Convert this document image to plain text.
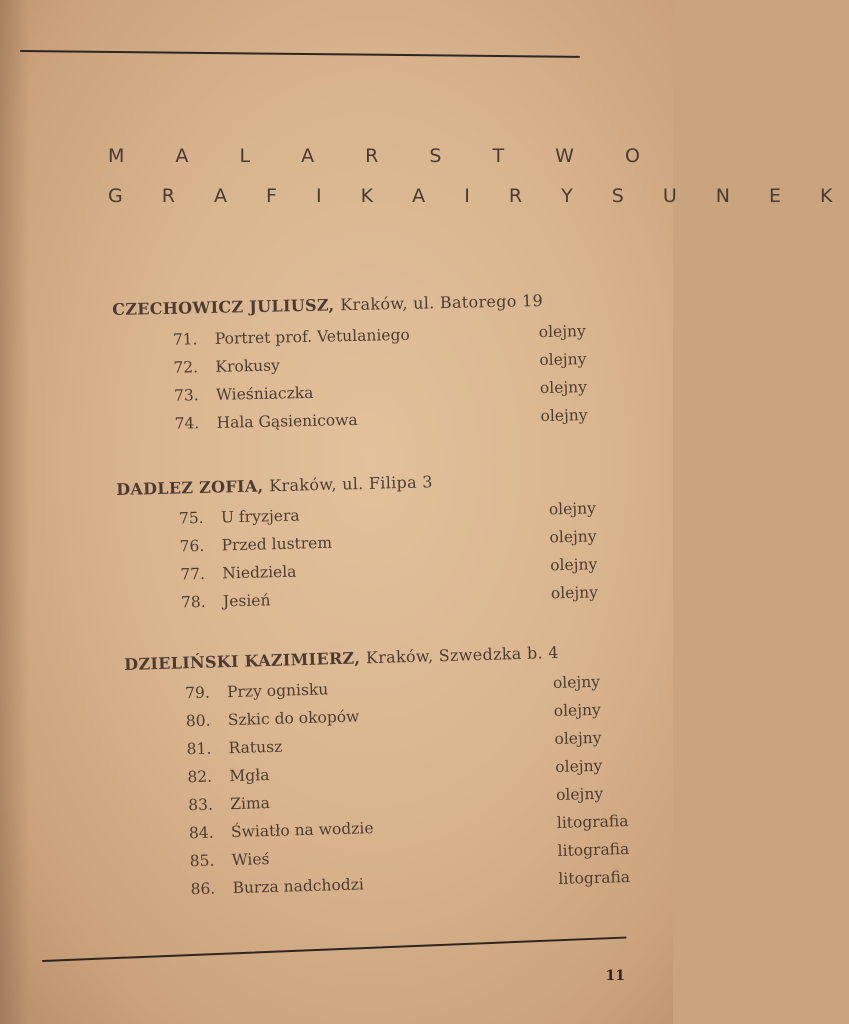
M A L A R S T W O
G R A F I K A I R Y S U N E K
CZECHOWICZ JULIUSZ, Kraków, ul. Batorego 19
71.	Portret prof. Vetulaniego	olejny
72.	Krokusy	olejny
73.	Wieśniaczka	olejny
74.	Hala Gąsienicowa	olejny
DADLEZ ZOFIA, Kraków, ul. Filipa 3
75.	U fryzjera	olejny
76.	Przed lustrem	olejny
77.	Niedziela	olejny
78.	Jesień	olejny
DZIELIŃSKI KAZIMIERZ, Kraków, Szwedzka b. 4
79.	Przy ognisku	olejny
80.	Szkic do okopów	olejny
81.	Ratusz	olejny
82.	Mgła	olejny
83.	Zima	olejny
84.	Światło na wodzie	litografia
85.	Wieś	litografia
86.	Burza nadchodzi	litografia
11
